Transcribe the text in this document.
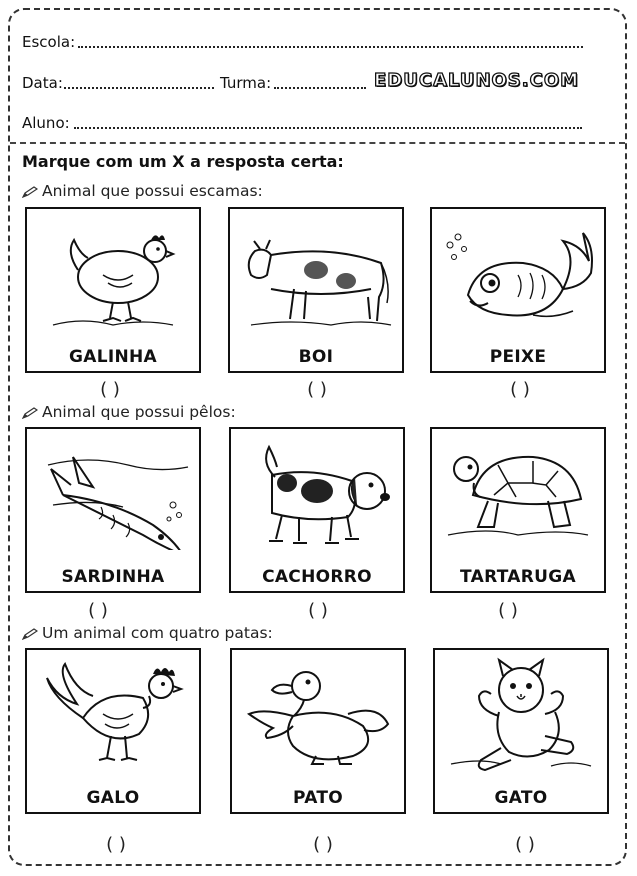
Escola:
Data:	Turma:	EDUCALUNOS.COM
Aluno:
Marque com um X a resposta certa:
Animal que possui escamas:
GALINHA
( )
BOI
( )
PEIXE
( )
Animal que possui pêlos:
SARDINHA
( )
CACHORRO
( )
TARTARUGA
( )
Um animal com quatro patas:
GALO
( )
PATO
( )
GATO
( )
